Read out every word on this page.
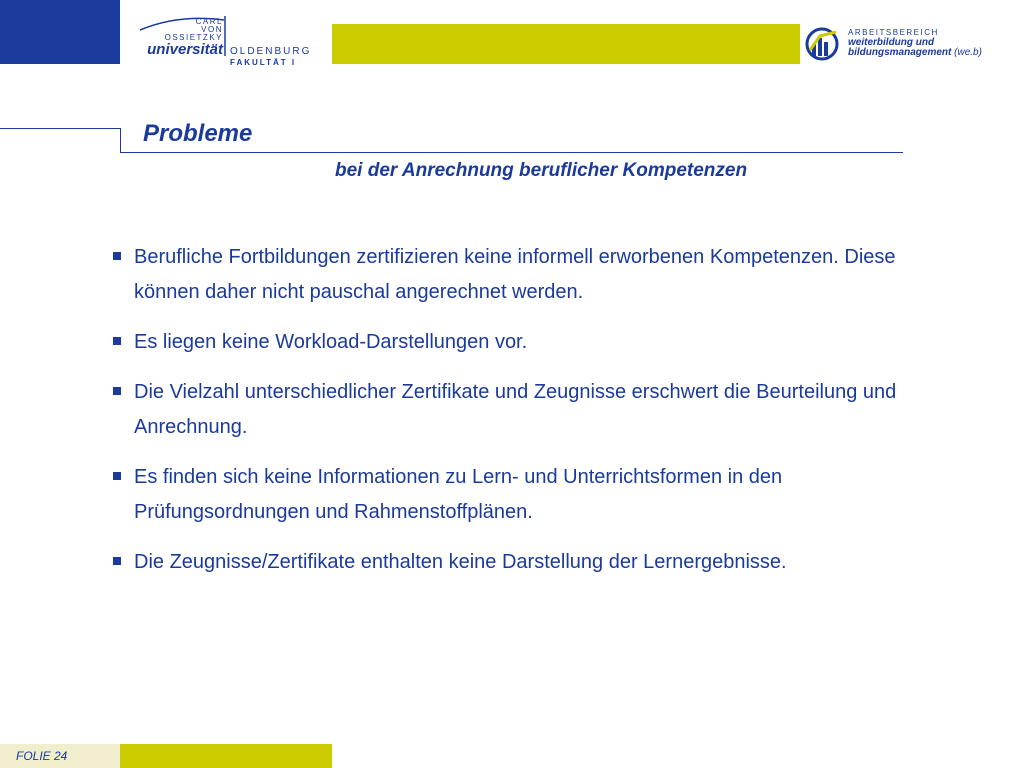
CARL
VON
OSSIETZKY
universität OLDENBURG
FAKULTÄT I
ARBEITSBEREICH
weiterbildung und
bildungsmanagement (we.b)
Probleme
bei der Anrechnung beruflicher Kompetenzen
Berufliche Fortbildungen zertifizieren keine informell erworbenen Kompetenzen. Diese können daher nicht pauschal angerechnet werden.
Es liegen keine Workload-Darstellungen vor.
Die Vielzahl unterschiedlicher Zertifikate und Zeugnisse erschwert die Beurteilung und Anrechnung.
Es finden sich keine Informationen zu Lern- und Unterrichtsformen in den Prüfungsordnungen und Rahmenstoffplänen.
Die Zeugnisse/Zertifikate enthalten keine Darstellung der Lernergebnisse.
FOLIE 24
